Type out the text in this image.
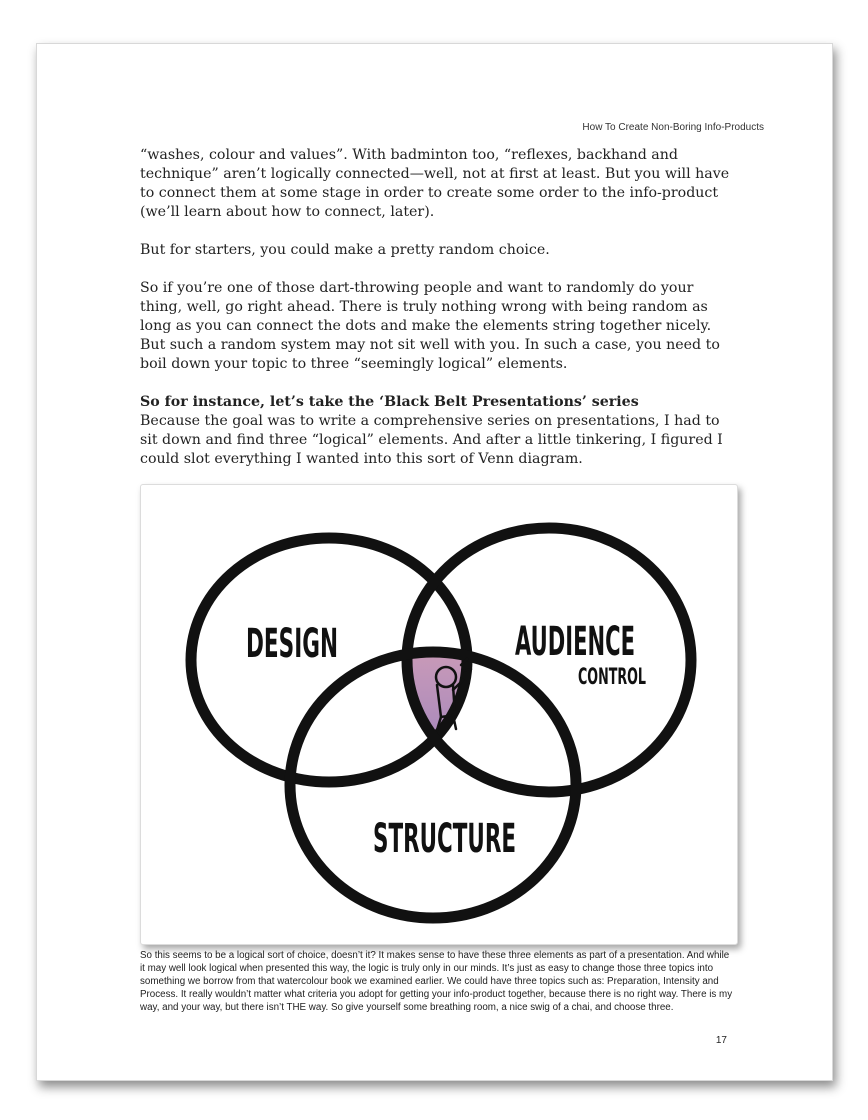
How To Create Non-Boring Info-Products

“washes, colour and values”. With badminton too, “reflexes, backhand and technique” aren’t logically connected—well, not at first at least. But you will have to connect them at some stage in order to create some order to the info-product (we’ll learn about how to connect, later).

But for starters, you could make a pretty random choice.

So if you’re one of those dart-throwing people and want to randomly do your thing, well, go right ahead. There is truly nothing wrong with being random as long as you can connect the dots and make the elements string together nicely. But such a random system may not sit well with you. In such a case, you need to boil down your topic to three “seemingly logical” elements.

So for instance, let’s take the ‘Black Belt Presentations’ series

Because the goal was to write a comprehensive series on presentations, I had to sit down and find three “logical” elements. And after a little tinkering, I figured I could slot everything I wanted into this sort of Venn diagram.

DESIGN	AUDIENCE
CONTROL
STRUCTURE

So this seems to be a logical sort of choice, doesn’t it? It makes sense to have these three elements as part of a presentation. And while it may well look logical when presented this way, the logic is truly only in our minds. It’s just as easy to change those three topics into something we borrow from that watercolour book we examined earlier. We could have three topics such as: Preparation, Intensity and Process. It really wouldn’t matter what criteria you adopt for getting your info-product together, because there is no right way. There is my way, and your way, but there isn’t THE way. So give yourself some breathing room, a nice swig of a chai, and choose three.

17
